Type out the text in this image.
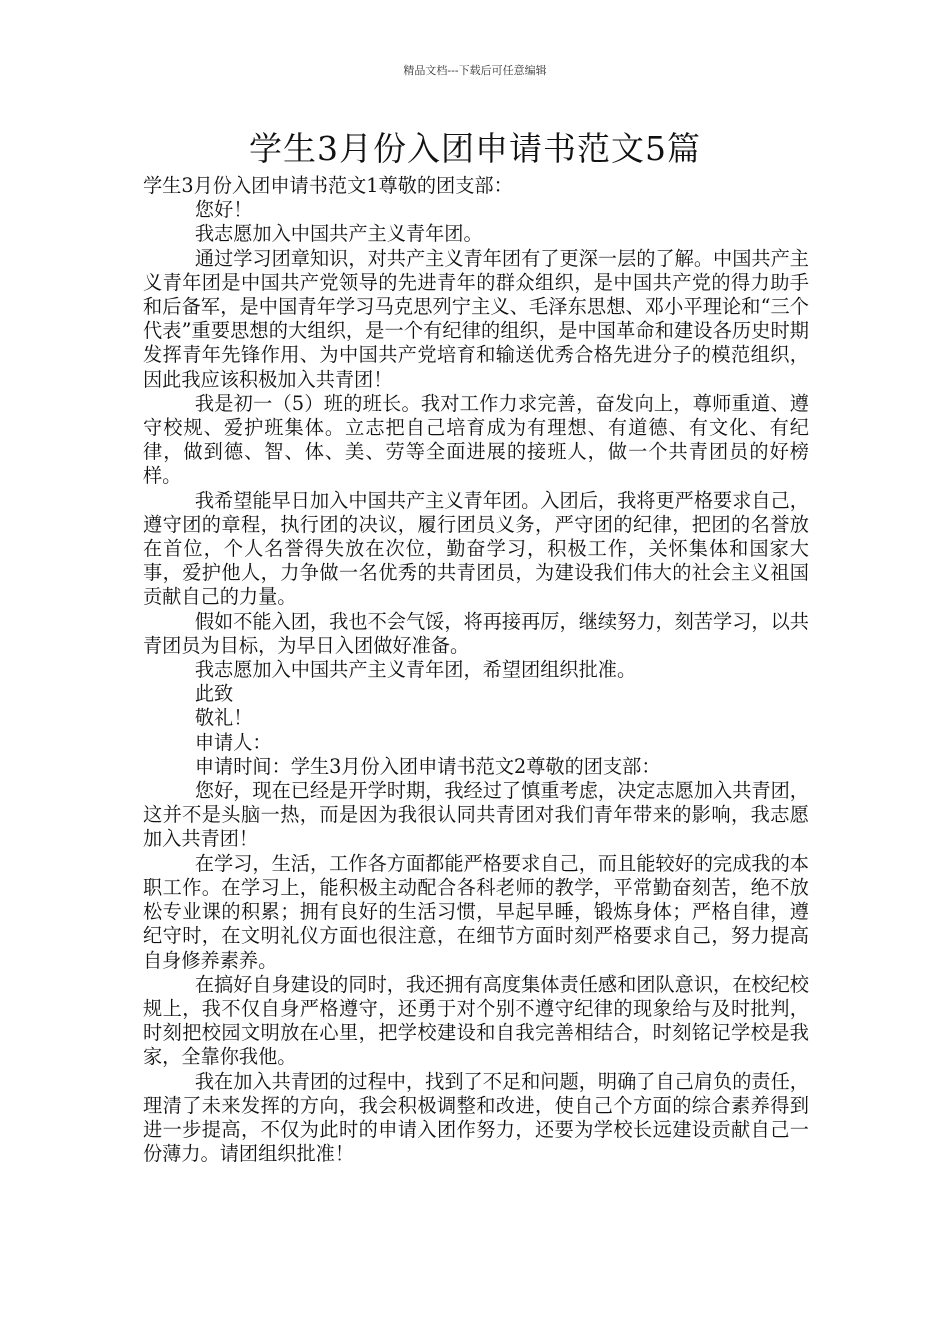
精品文档---下载后可任意编辑
学生3月份入团申请书范文5篇

学生3月份入团申请书范文1尊敬的团支部：

您好！

我志愿加入中国共产主义青年团。

通过学习团章知识，对共产主义青年团有了更深一层的了解。中国共产主义青年团是中国共产党领导的先进青年的群众组织，是中国共产党的得力助手和后备军，是中国青年学习马克思列宁主义、毛泽东思想、邓小平理论和“三个代表”重要思想的大组织，是一个有纪律的组织，是中国革命和建设各历史时期发挥青年先锋作用、为中国共产党培育和输送优秀合格先进分子的模范组织，因此我应该积极加入共青团！

我是初一（5）班的班长。我对工作力求完善，奋发向上，尊师重道、遵守校规、爱护班集体。立志把自己培育成为有理想、有道德、有文化、有纪律，做到德、智、体、美、劳等全面进展的接班人，做一个共青团员的好榜样。

我希望能早日加入中国共产主义青年团。入团后，我将更严格要求自己，遵守团的章程，执行团的决议，履行团员义务，严守团的纪律，把团的名誉放在首位，个人名誉得失放在次位，勤奋学习，积极工作，关怀集体和国家大事，爱护他人，力争做一名优秀的共青团员，为建设我们伟大的社会主义祖国贡献自己的力量。

假如不能入团，我也不会气馁，将再接再厉，继续努力，刻苦学习，以共青团员为目标，为早日入团做好准备。

我志愿加入中国共产主义青年团，希望团组织批准。

此致

敬礼！

申请人：

申请时间：学生3月份入团申请书范文2尊敬的团支部：

您好，现在已经是开学时期，我经过了慎重考虑，决定志愿加入共青团，这并不是头脑一热，而是因为我很认同共青团对我们青年带来的影响，我志愿加入共青团！

在学习，生活，工作各方面都能严格要求自己，而且能较好的完成我的本职工作。在学习上，能积极主动配合各科老师的教学，平常勤奋刻苦，绝不放松专业课的积累；拥有良好的生活习惯，早起早睡，锻炼身体；严格自律，遵纪守时，在文明礼仪方面也很注意，在细节方面时刻严格要求自己，努力提高自身修养素养。

在搞好自身建设的同时，我还拥有高度集体责任感和团队意识，在校纪校规上，我不仅自身严格遵守，还勇于对个别不遵守纪律的现象给与及时批判，时刻把校园文明放在心里，把学校建设和自我完善相结合，时刻铭记学校是我家，全靠你我他。

我在加入共青团的过程中，找到了不足和问题，明确了自己肩负的责任，理清了未来发挥的方向，我会积极调整和改进，使自己个方面的综合素养得到进一步提高，不仅为此时的申请入团作努力，还要为学校长远建设贡献自己一份薄力。请团组织批准！
